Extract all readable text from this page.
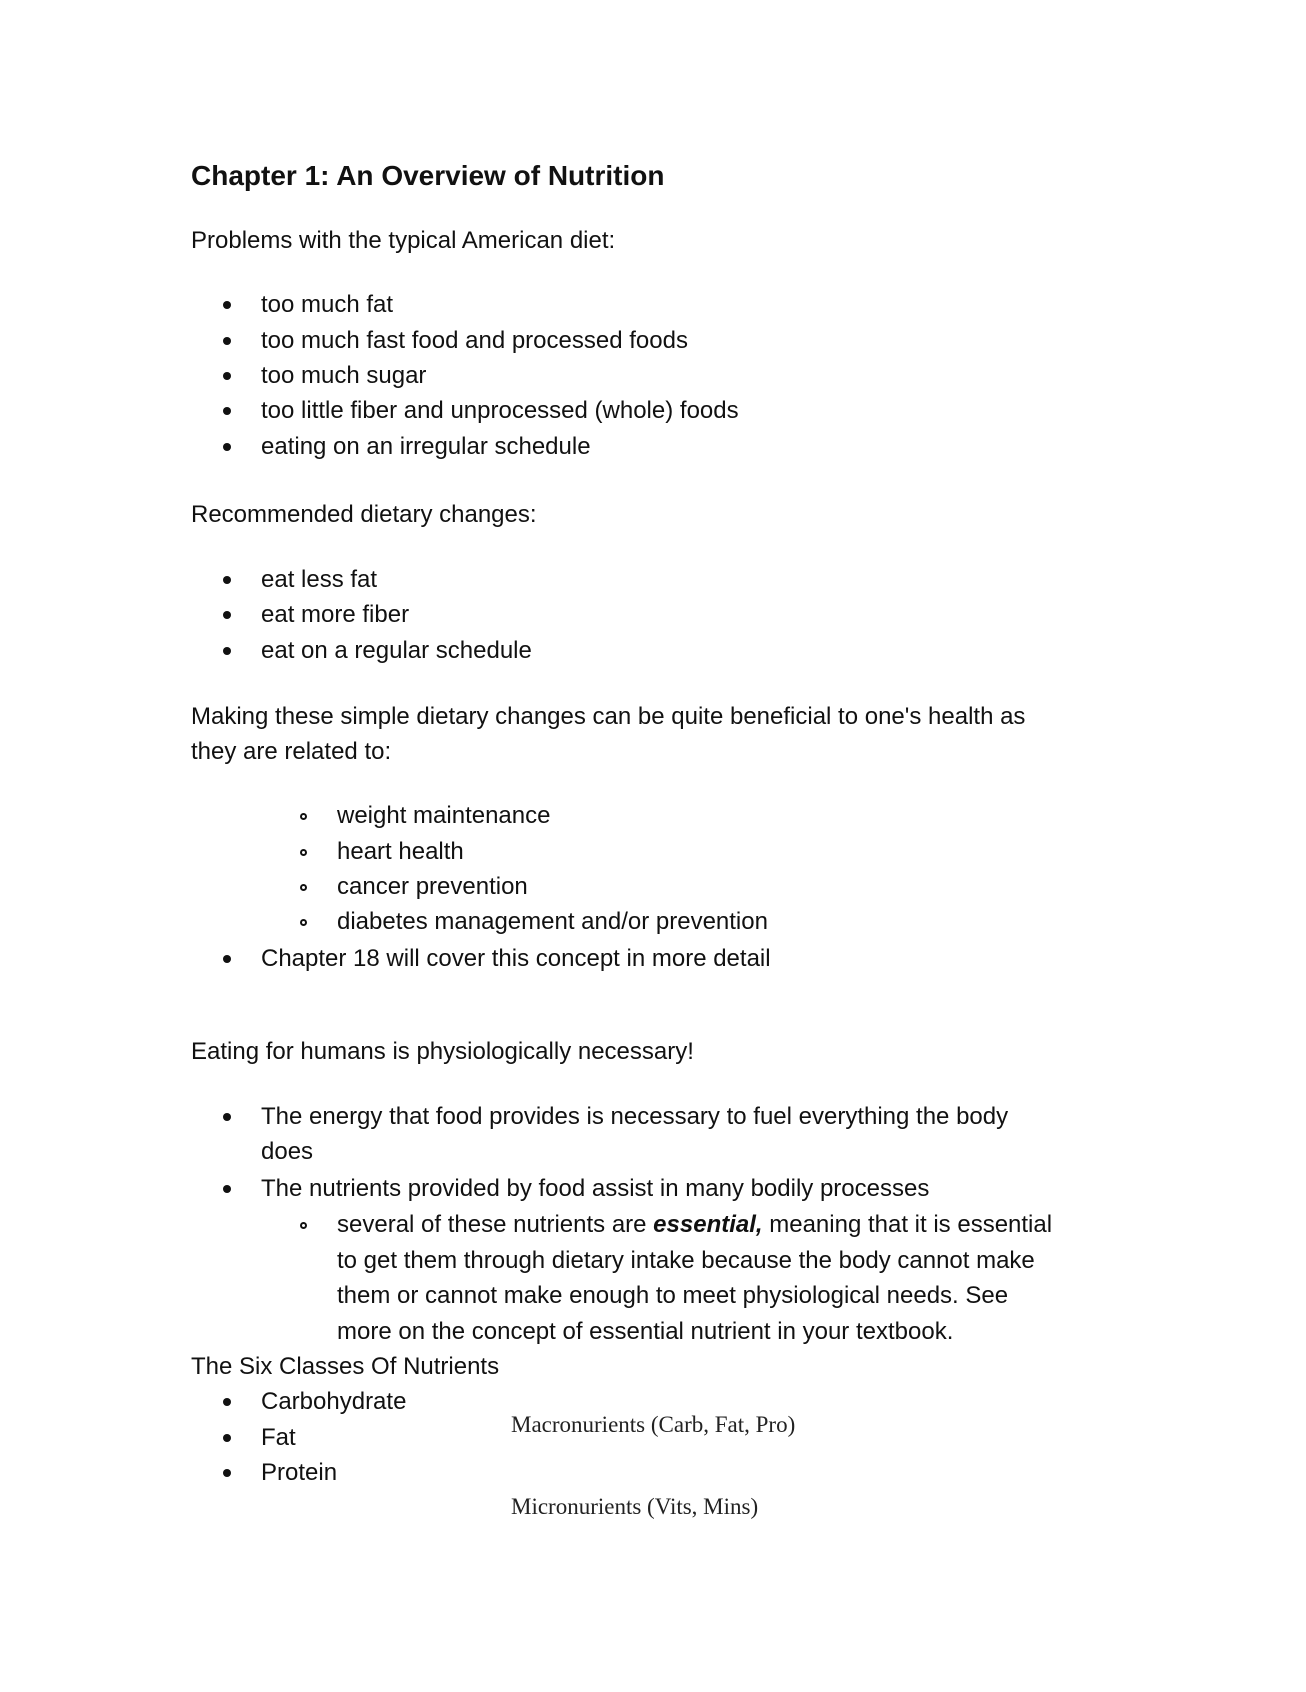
Chapter 1: An Overview of Nutrition
Problems with the typical American diet:
too much fat
too much fast food and processed foods
too much sugar
too little fiber and unprocessed (whole) foods
eating on an irregular schedule
Recommended dietary changes:
eat less fat
eat more fiber
eat on a regular schedule
Making these simple dietary changes can be quite beneficial to one's health as
they are related to:
weight maintenance
heart health
cancer prevention
diabetes management and/or prevention
Chapter 18 will cover this concept in more detail
Eating for humans is physiologically necessary!
The energy that food provides is necessary to fuel everything the body
does
The nutrients provided by food assist in many bodily processes
several of these nutrients are essential, meaning that it is essential
to get them through dietary intake because the body cannot make
them or cannot make enough to meet physiological needs. See
more on the concept of essential nutrient in your textbook.
The Six Classes Of Nutrients
Carbohydrate
Fat
Protein
Macronurients (Carb, Fat, Pro)
Micronurients (Vits, Mins)
